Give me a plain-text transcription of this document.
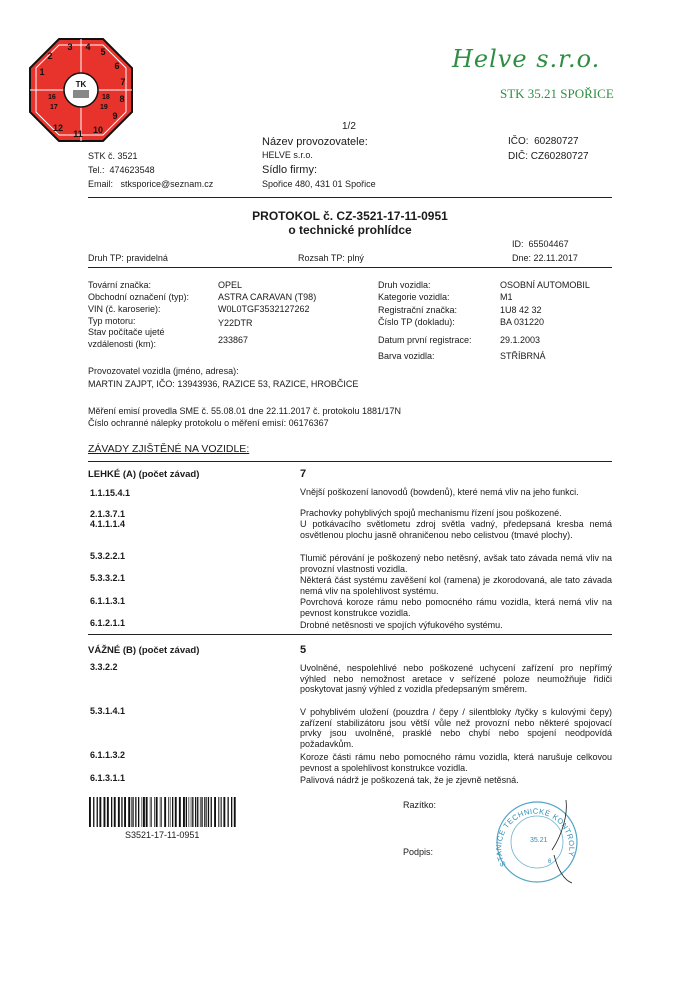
3 4 5
6
7
8
9
10
11
12
2
1
TK
16
17
18
19
Helve s.r.o.
STK 35.21 SPOŘICE
1/2
Název provozovatele:
HELVE s.r.o.
Sídlo firmy:
Spořice 480, 431 01 Spořice
IČO: 60280727
DIČ: CZ60280727
STK č. 3521
Tel.: 474623548
Email: stksporice@seznam.cz
PROTOKOL č. CZ-3521-17-11-0951
o technické prohlídce
ID: 65504467
Druh TP: pravidelná	Rozsah TP: plný	Dne: 22.11.2017
Tovární značka:	OPEL
Obchodní označení (typ):	ASTRA CARAVAN (T98)
VIN (č. karoserie):	W0L0TGF3532127262
Typ motoru:	Y22DTR
Stav počítače ujeté
vzdálenosti (km):	233867
Druh vozidla:	OSOBNÍ AUTOMOBIL
Kategorie vozidla:	M1
Registrační značka:	1U8 42 32
Číslo TP (dokladu):	BA 031220
Datum první registrace:	29.1.2003
Barva vozidla:	STŘÍBRNÁ
Provozovatel vozidla (jméno, adresa):
MARTIN ZAJPT, IČO: 13943936, RAZICE 53, RAZICE, HROBČICE
Měření emisí provedla SME č. 55.08.01 dne 22.11.2017 č. protokolu 1881/17N
Číslo ochranné nálepky protokolu o měření emisí: 06176367
ZÁVADY ZJIŠTĚNÉ NA VOZIDLE:
LEHKÉ (A) (počet závad)	7
1.1.15.4.1	Vnější poškození lanovodů (bowdenů), které nemá vliv na jeho funkci.
2.1.3.7.1	Prachovky pohyblivých spojů mechanismu řízení jsou poškozené.
4.1.1.1.4	U potkávacího světlometu zdroj světla vadný, předepsaná kresba nemá osvětlenou plochu jasně ohraničenou nebo celistvou (tmavé plochy).
5.3.2.2.1	Tlumič pérování je poškozený nebo netěsný, avšak tato závada nemá vliv na provozní vlastnosti vozidla.
5.3.3.2.1	Některá část systému zavěšení kol (ramena) je zkorodovaná, ale tato závada nemá vliv na spolehlivost systému.
6.1.1.3.1	Povrchová koroze rámu nebo pomocného rámu vozidla, která nemá vliv na pevnost konstrukce vozidla.
6.1.2.1.1	Drobné netěsnosti ve spojích výfukového systému.
VÁŽNÉ (B) (počet závad)	5
3.3.2.2	Uvolněné, nespolehlivé nebo poškozené uchycení zařízení pro nepřímý výhled nebo nemožnost aretace v seřízené poloze neumožňuje řidiči poskytovat jasný výhled z vozidla předepsaným směrem.
5.3.1.4.1	V pohyblivém uložení (pouzdra / čepy / silentbloky /tyčky s kulovými čepy) zařízení stabilizátoru jsou větší vůle než provozní nebo některé spojovací prvky jsou uvolněné, prasklé nebo chybí nebo spojení neodpovídá požadavkům.
6.1.1.3.2	Koroze části rámu nebo pomocného rámu vozidla, která narušuje celkovou pevnost a spolehlivost konstrukce vozidla.
6.1.3.1.1	Palivová nádrž je poškozená tak, že je zjevně netěsná.
S3521-17-11-0951
Razítko:
Podpis:
STANICE TECHNICKÉ KONTROLY
35.21
6
